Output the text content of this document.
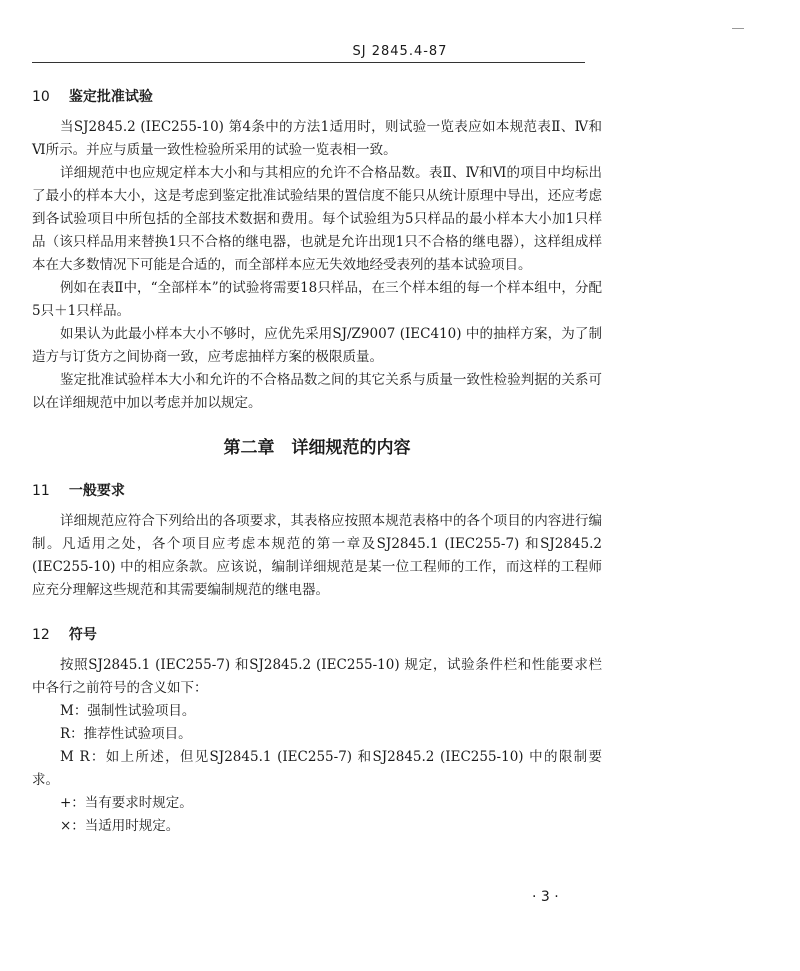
SJ 2845.4-87
10 鉴定批准试验

当SJ2845.2 (IEC255-10) 第4条中的方法1适用时，则试验一览表应如本规范表Ⅱ、Ⅳ和Ⅵ所示。并应与质量一致性检验所采用的试验一览表相一致。

详细规范中也应规定样本大小和与其相应的允许不合格品数。表Ⅱ、Ⅳ和Ⅵ的项目中均标出了最小的样本大小，这是考虑到鉴定批准试验结果的置信度不能只从统计原理中导出，还应考虑到各试验项目中所包括的全部技术数据和费用。每个试验组为5只样品的最小样本大小加1只样品（该只样品用来替换1只不合格的继电器，也就是允许出现1只不合格的继电器），这样组成样本在大多数情况下可能是合适的，而全部样本应无失效地经受表列的基本试验项目。

例如在表Ⅱ中，“全部样本”的试验将需要18只样品，在三个样本组的每一个样本组中，分配5只＋1只样品。

如果认为此最小样本大小不够时，应优先采用SJ/Z9007 (IEC410) 中的抽样方案，为了制造方与订货方之间协商一致，应考虑抽样方案的极限质量。

鉴定批准试验样本大小和允许的不合格品数之间的其它关系与质量一致性检验判据的关系可以在详细规范中加以考虑并加以规定。

第二章　详细规范的内容
11 一般要求

详细规范应符合下列给出的各项要求，其表格应按照本规范表格中的各个项目的内容进行编制。凡适用之处，各个项目应考虑本规范的第一章及SJ2845.1 (IEC255-7) 和SJ2845.2 (IEC255-10) 中的相应条款。应该说，编制详细规范是某一位工程师的工作，而这样的工程师应充分理解这些规范和其需要编制规范的继电器。

12 符号

按照SJ2845.1 (IEC255-7) 和SJ2845.2 (IEC255-10) 规定，试验条件栏和性能要求栏中各行之前符号的含义如下：

M：强制性试验项目。
R：推荐性试验项目。

M R：如上所述，但见SJ2845.1 (IEC255-7) 和SJ2845.2 (IEC255-10) 中的限制要求。

+：当有要求时规定。
×：当适用时规定。
· 3 ·
